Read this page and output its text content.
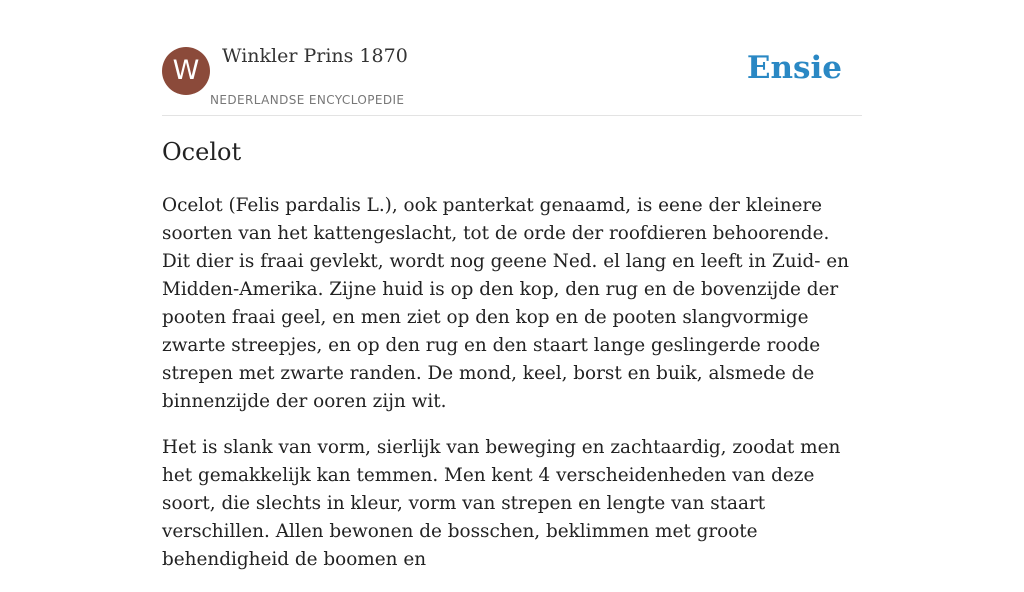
W	Winkler Prins 1870
NEDERLANDSE ENCYCLOPEDIE
Ensie
Ocelot

Ocelot (Felis pardalis L.), ook panterkat genaamd, is eene der kleinere soorten van het kattengeslacht, tot de orde der roofdieren behoorende. Dit dier is fraai gevlekt, wordt nog geene Ned. el lang en leeft in Zuid- en Midden-Amerika. Zijne huid is op den kop, den rug en de bovenzijde der pooten fraai geel, en men ziet op den kop en de pooten slangvormige zwarte streepjes, en op den rug en den staart lange geslingerde roode strepen met zwarte randen. De mond, keel, borst en buik, alsmede de binnenzijde der ooren zijn wit.

Het is slank van vorm, sierlijk van beweging en zachtaardig, zoodat men het gemakkelijk kan temmen. Men kent 4 verscheidenheden van deze soort, die slechts in kleur, vorm van strepen en lengte van staart verschillen. Allen bewonen de bosschen, beklimmen met groote behendigheid de boomen en
